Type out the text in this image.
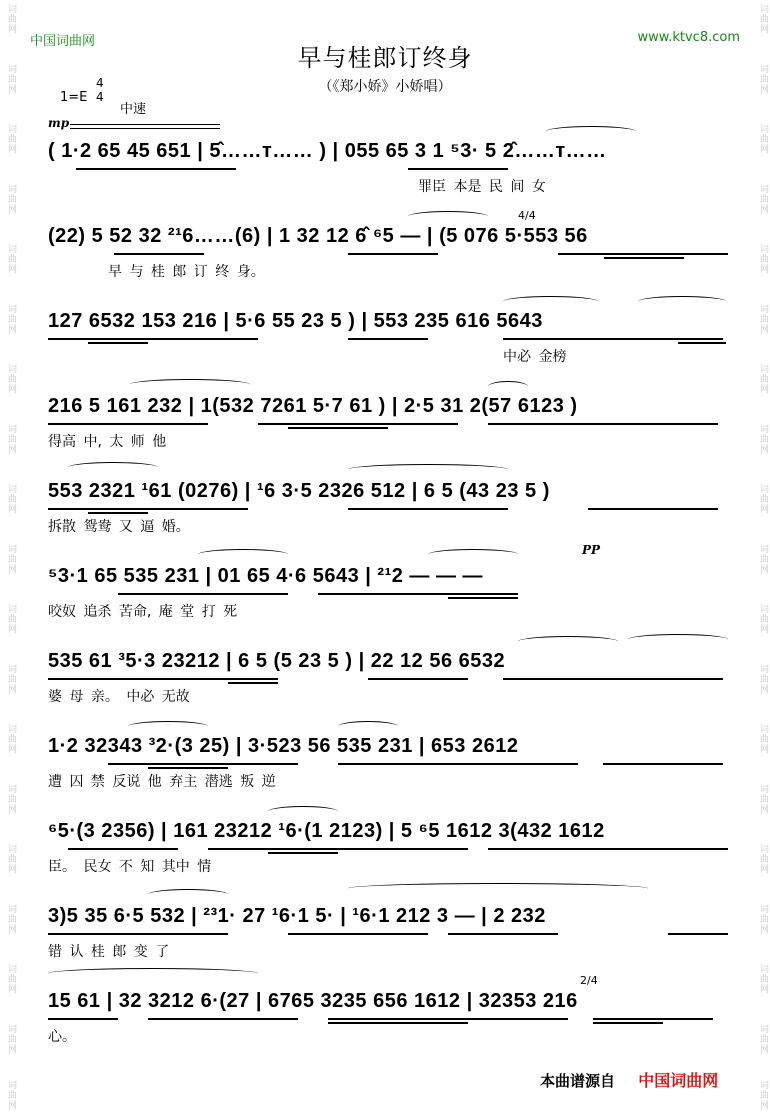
词曲网
词曲网
词曲网
词曲网
词曲网
词曲网
词曲网
词曲网
词曲网
词曲网
词曲网
词曲网
词曲网
词曲网
词曲网
词曲网
词曲网
词曲网
词曲网
词曲网
词曲网
词曲网
词曲网
词曲网
词曲网
词曲网
词曲网
词曲网
词曲网
词曲网
词曲网
词曲网
词曲网
词曲网
词曲网
词曲网
词曲网
词曲网
中国词曲网	www.ktvc8.com
早与桂郎订终身
（《郑小娇》小娇唱）
1=E
4
4
中速
mp
( 1·2 65 45 651 | 5̂……т…… ) | 055 65 3 1 ⁵3· 5 2̂……т……
罪臣 本是 民 间 女
(22) 5 52 32 ²¹6……(6) | 1 32 12 6̂ ⁶5 — | (5 076 5·553 56
早 与 桂 郎 订 终 身。
4/4
127 6532 153 216 | 5·6 55 23 5 ) | 553 235 616 5643
中必 金榜
216 5 161 232 | 1(532 7261 5·7 61 ) | 2·5 31 2(57 6123 )
得高 中, 太 师 他
553 2321 ¹61 (0276) | ¹6 3·5 2326 512 | 6 5 (43 23 5 )
拆散 鸳鸯 又 逼 婚。
⁵3·1 65 535 231 | 01 65 4·6 5643 | ²¹2 — — —
咬奴 追杀 苦命, 庵 堂 打 死
PP
535 61 ³5·3 23212 | 6 5 (5 23 5 ) | 22 12 56 6532
婆 母 亲。 中必 无故
1·2 32343 ³2·(3 25) | 3·523 56 535 231 | 653 2612
遭 囚 禁 反说 他 弃主 潜逃 叛 逆
⁶5·(3 2356) | 161 23212 ¹6·(1 2123) | 5 ⁶5 1612 3(432 1612
臣。 民女 不 知 其中 情
3)5 35 6·5 532 | ²³1· 27 ¹6·1 5· | ¹6·1 212 3 — | 2 232
错 认 桂 郎 变 了
15 61 | 32 3212 6·(27 | 6765 3235 656 1612 | 32353 216
心。
2/4
本曲谱源自 中国词曲网
